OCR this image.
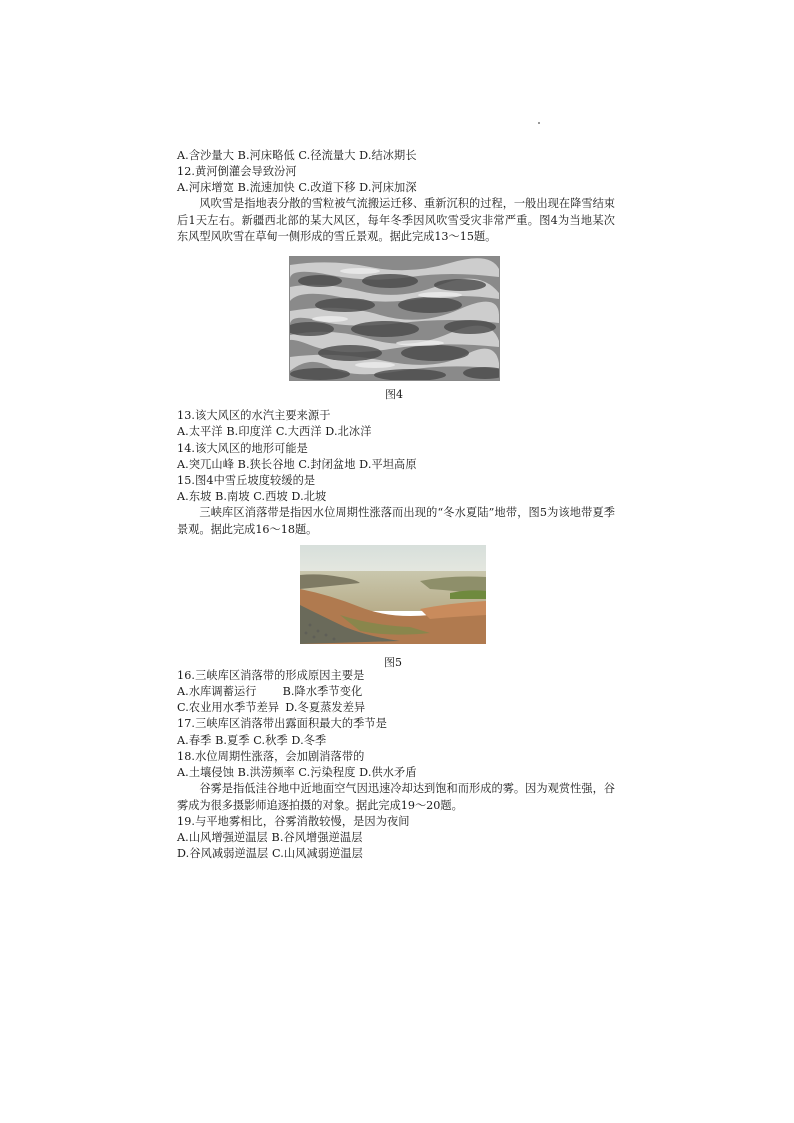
A.含沙量大 B.河床略低 C.径流量大 D.结冰期长
12.黄河倒灌会导致汾河
A.河床增宽 B.流速加快 C.改道下移 D.河床加深
风吹雪是指地表分散的雪粒被气流搬运迁移、重新沉积的过程，一般出现在降雪结束后1天左右。新疆西北部的某大风区，每年冬季因风吹雪受灾非常严重。图4为当地某次东风型风吹雪在草甸一侧形成的雪丘景观。据此完成13～15题。
图4
13.该大风区的水汽主要来源于
A.太平洋 B.印度洋 C.大西洋 D.北冰洋
14.该大风区的地形可能是
A.突兀山峰 B.狭长谷地 C.封闭盆地 D.平坦高原
15.图4中雪丘坡度较缓的是
A.东坡 B.南坡 C.西坡 D.北坡
三峡库区消落带是指因水位周期性涨落而出现的“冬水夏陆”地带，图5为该地带夏季景观。据此完成16～18题。
图5
16.三峡库区消落带的形成原因主要是
A.水库调蓄运行 B.降水季节变化
C.农业用水季节差异 D.冬夏蒸发差异
17.三峡库区消落带出露面积最大的季节是
A.春季 B.夏季 C.秋季 D.冬季
18.水位周期性涨落，会加剧消落带的
A.土壤侵蚀 B.洪涝频率 C.污染程度 D.供水矛盾
谷雾是指低洼谷地中近地面空气因迅速冷却达到饱和而形成的雾。因为观赏性强，谷雾成为很多摄影师追逐拍摄的对象。据此完成19～20题。
19.与平地雾相比，谷雾消散较慢，是因为夜间
A.山风增强逆温层 B.谷风增强逆温层
D.谷风减弱逆温层 C.山风减弱逆温层
